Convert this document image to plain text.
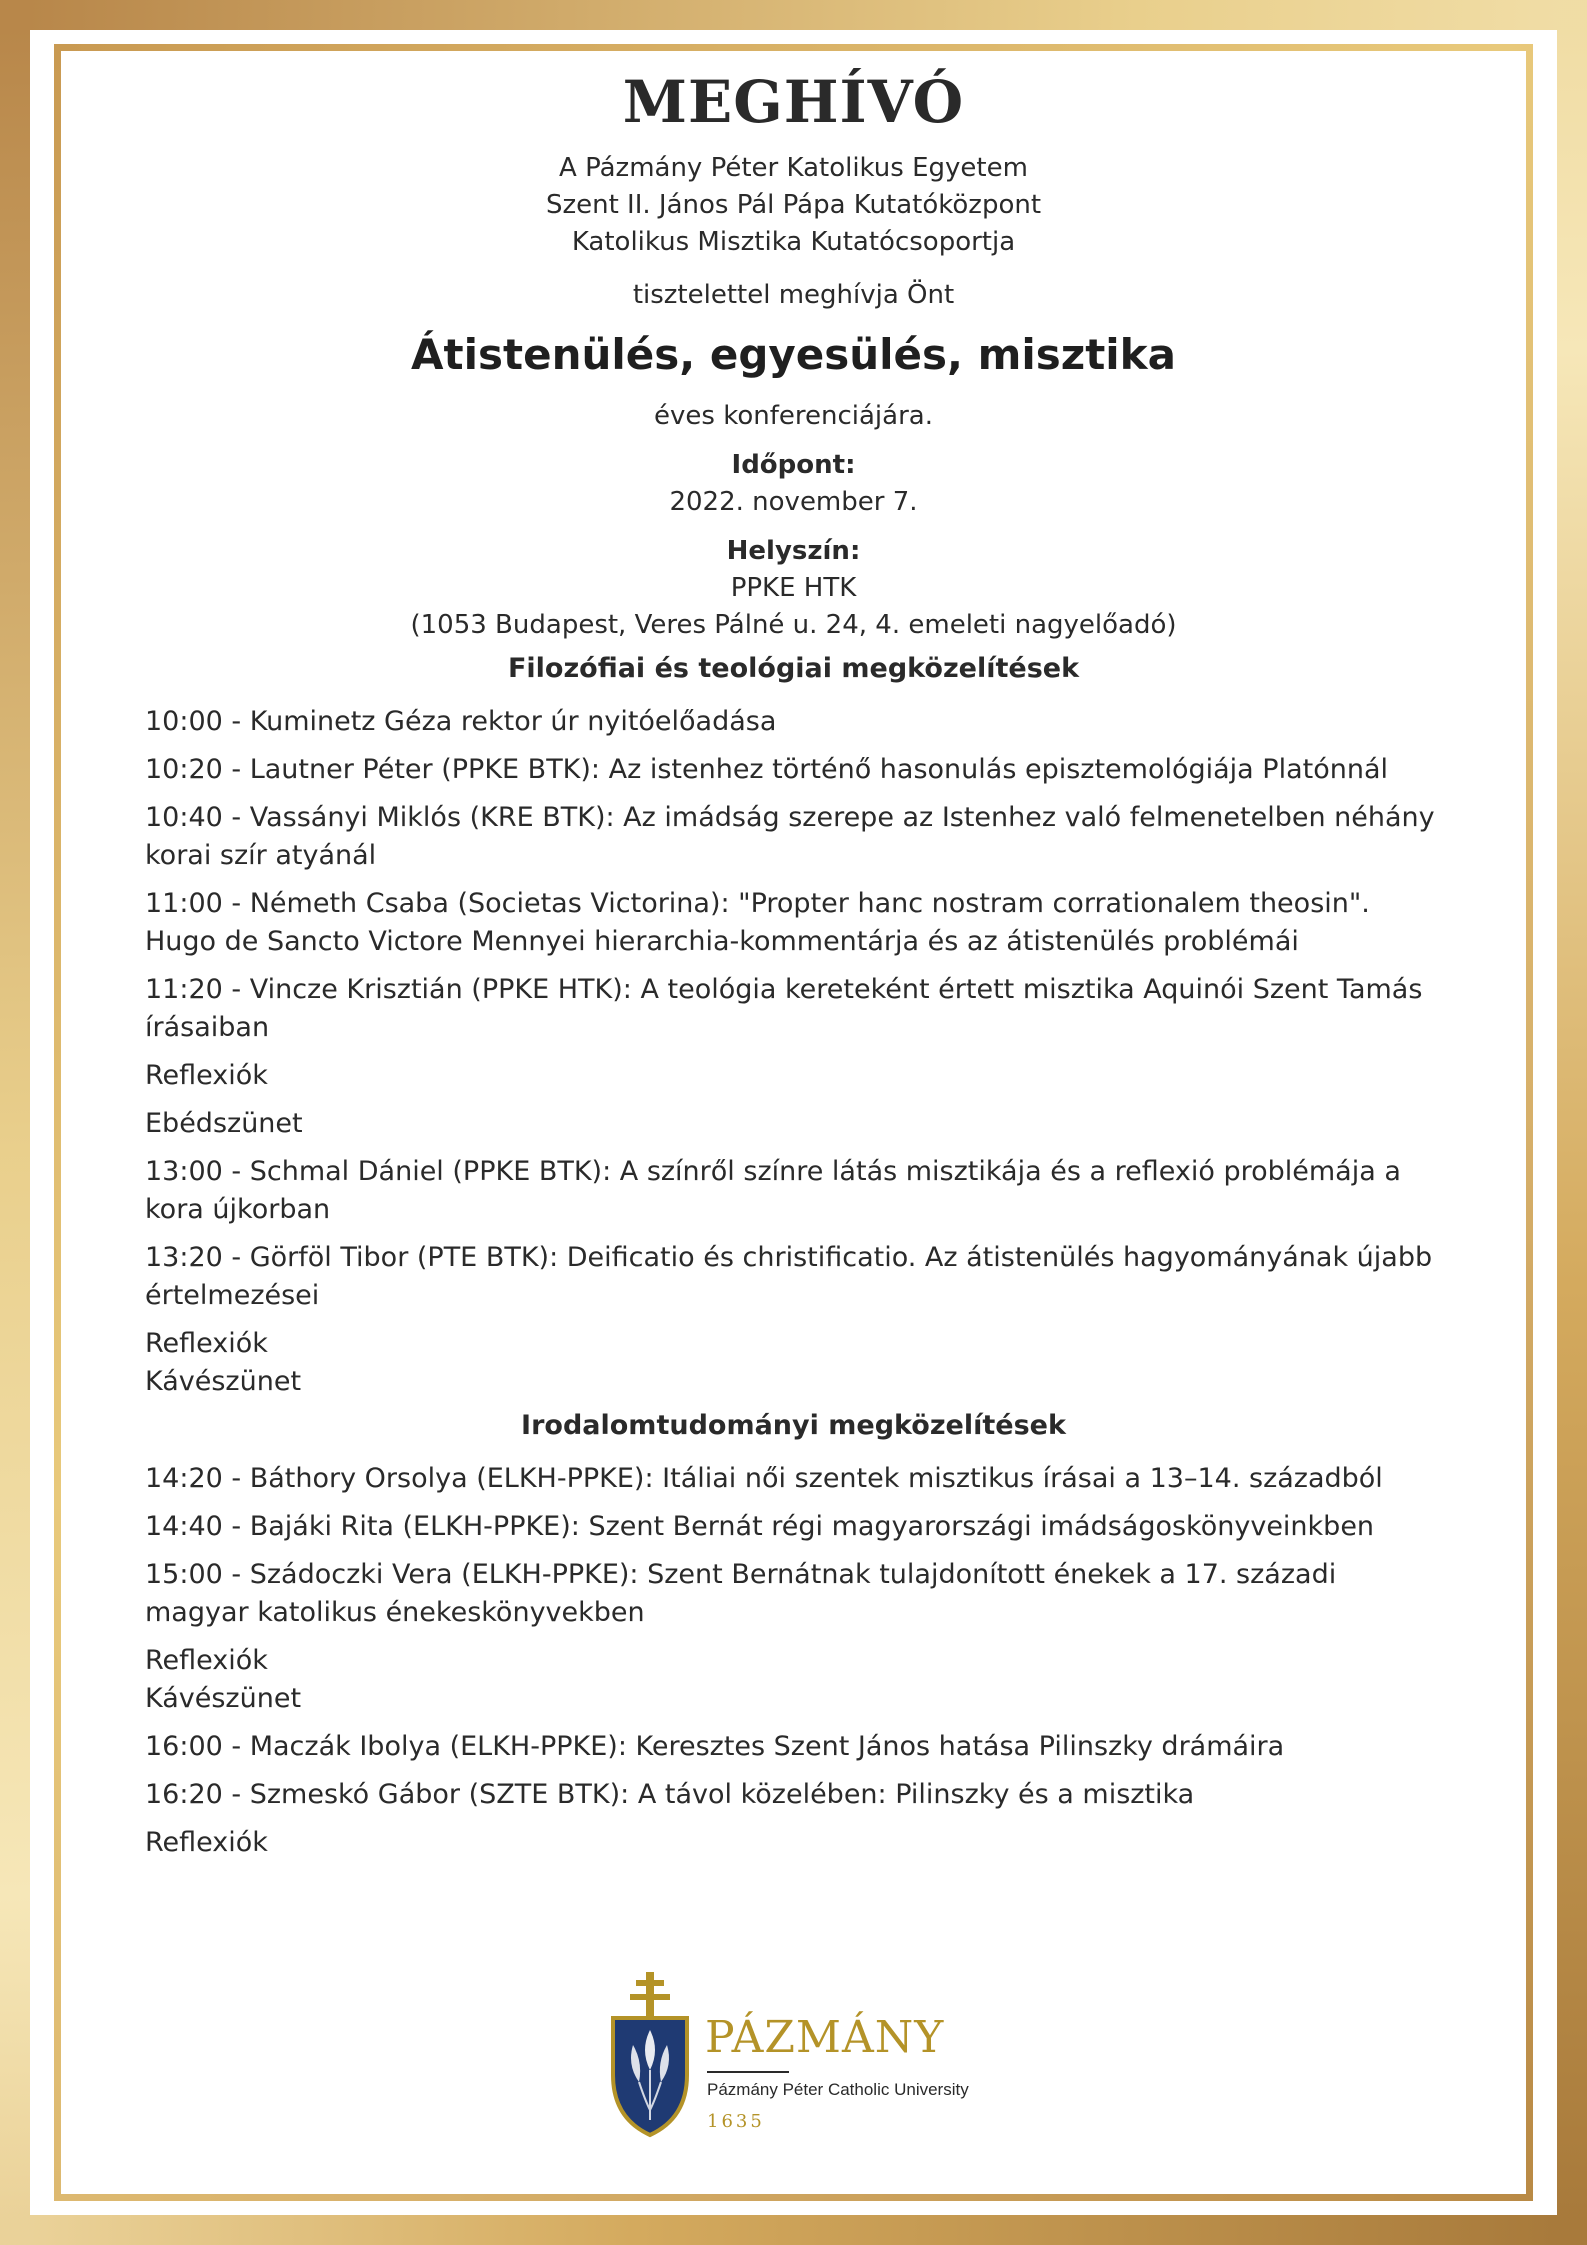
MEGHÍVÓ
A Pázmány Péter Katolikus Egyetem
Szent II. János Pál Pápa Kutatóközpont
Katolikus Misztika Kutatócsoportja
tisztelettel meghívja Önt
Átistenülés, egyesülés, misztika
éves konferenciájára.
Időpont:
2022. november 7.
Helyszín:
PPKE HTK
(1053 Budapest, Veres Pálné u. 24, 4. emeleti nagyelőadó)
Filozófiai és teológiai megközelítések
10:00 - Kuminetz Géza rektor úr nyitóelőadása
10:20 - Lautner Péter (PPKE BTK): Az istenhez történő hasonulás episztemológiája Platónnál
10:40 - Vassányi Miklós (KRE BTK): Az imádság szerepe az Istenhez való felmenetelben néhány korai szír atyánál
11:00 - Németh Csaba (Societas Victorina): "Propter hanc nostram corrationalem theosin". Hugo de Sancto Victore Mennyei hierarchia-kommentárja és az átistenülés problémái
11:20 - Vincze Krisztián (PPKE HTK): A teológia kereteként értett misztika Aquinói Szent Tamás írásaiban
Reflexiók
Ebédszünet
13:00 - Schmal Dániel (PPKE BTK): A színről színre látás misztikája és a reflexió problémája a kora újkorban
13:20 - Görföl Tibor (PTE BTK): Deificatio és christificatio. Az átistenülés hagyományának újabb értelmezései
Reflexiók
Kávészünet
Irodalomtudományi megközelítések
14:20 - Báthory Orsolya (ELKH-PPKE): Itáliai női szentek misztikus írásai a 13–14. századból
14:40 - Bajáki Rita (ELKH-PPKE): Szent Bernát régi magyarországi imádságoskönyveinkben
15:00 - Szádoczki Vera (ELKH-PPKE): Szent Bernátnak tulajdonított énekek a 17. századi magyar katolikus énekeskönyvekben
Reflexiók
Kávészünet
16:00 - Maczák Ibolya (ELKH-PPKE): Keresztes Szent János hatása Pilinszky drámáira
16:20 - Szmeskó Gábor (SZTE BTK): A távol közelében: Pilinszky és a misztika
Reflexiók
PÁZMÁNY
Pázmány Péter Catholic University
1635
